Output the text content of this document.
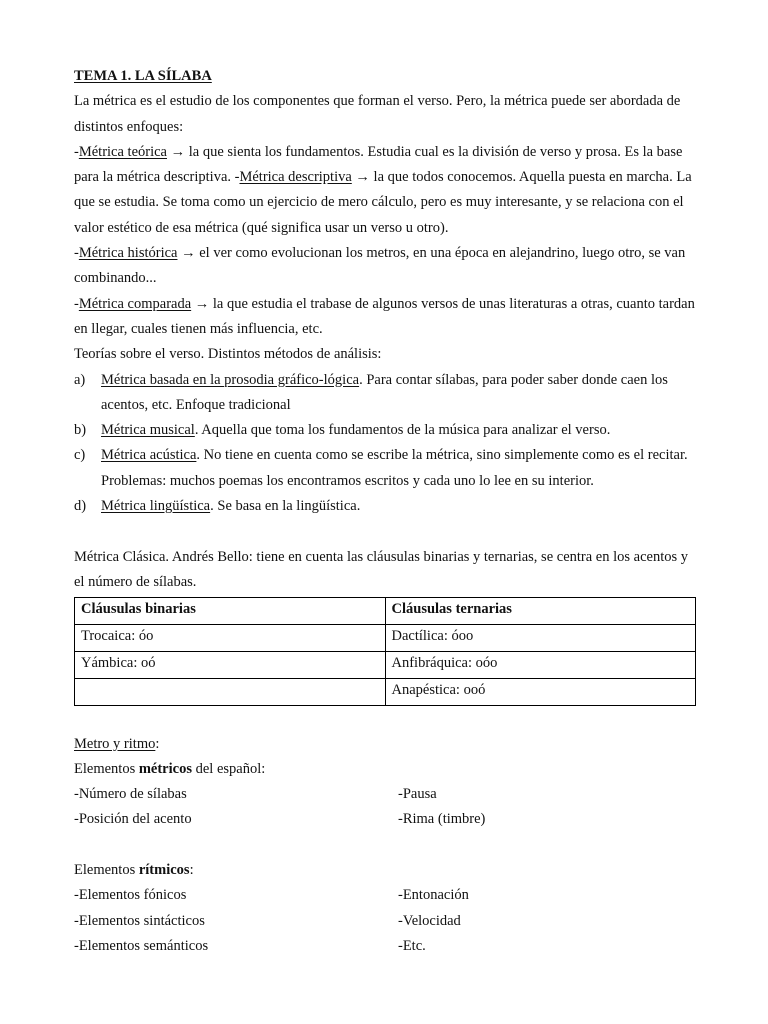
TEMA 1. LA SÍLABA

La métrica es el estudio de los componentes que forman el verso. Pero, la métrica puede ser abordada de distintos enfoques:

-Métrica teórica → la que sienta los fundamentos. Estudia cual es la división de verso y prosa. Es la base para la métrica descriptiva. -Métrica descriptiva → la que todos conocemos. Aquella puesta en marcha. La que se estudia. Se toma como un ejercicio de mero cálculo, pero es muy interesante, y se relaciona con el valor estético de esa métrica (qué significa usar un verso u otro).

-Métrica histórica → el ver como evolucionan los metros, en una época en alejandrino, luego otro, se van combinando...

-Métrica comparada → la que estudia el trabase de algunos versos de unas literaturas a otras, cuanto tardan en llegar, cuales tienen más influencia, etc.

Teorías sobre el verso. Distintos métodos de análisis:

a)	Métrica basada en la prosodia gráfico-lógica. Para contar sílabas, para poder saber donde caen los acentos, etc. Enfoque tradicional
b)	Métrica musical. Aquella que toma los fundamentos de la música para analizar el verso.
c)	Métrica acústica. No tiene en cuenta como se escribe la métrica, sino simplemente como es el recitar. Problemas: muchos poemas los encontramos escritos y cada uno lo lee en su interior.
d)	Métrica lingüística. Se basa en la lingüística.

Métrica Clásica. Andrés Bello: tiene en cuenta las cláusulas binarias y ternarias, se centra en los acentos y el número de sílabas.

Cláusulas binarias	Cláusulas ternarias
Trocaica: óo	Dactílica: óoo
Yámbica: oó	Anfibráquica: oóo
	Anapéstica: ooó

Metro y ritmo:

Elementos métricos del español:

-Número de sílabas	-Pausa
-Posición del acento	-Rima (timbre)

Elementos rítmicos:

-Elementos fónicos	-Entonación
-Elementos sintácticos	-Velocidad
-Elementos semánticos	-Etc.
